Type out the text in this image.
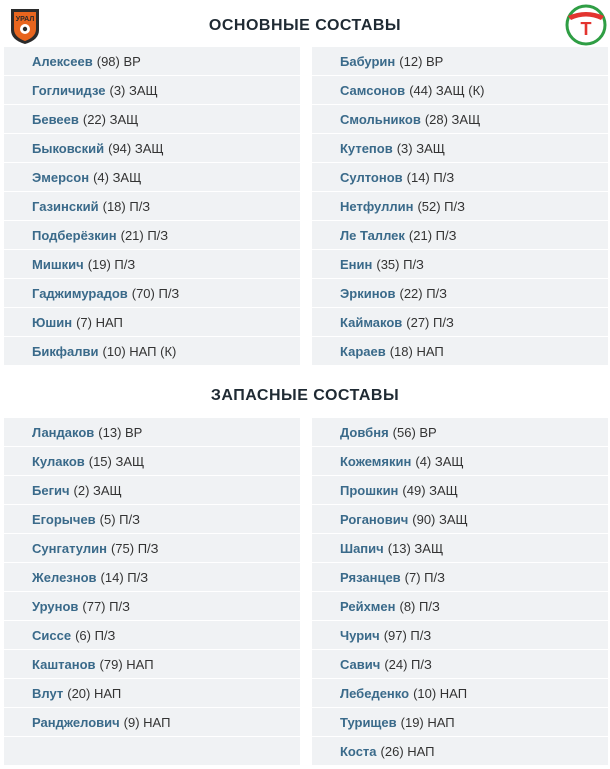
УРАЛ	ОСНОВНЫЕ СОСТАВЫ	Т
Алексеев (98) ВР
Гогличидзе (3) ЗАЩ
Бевеев (22) ЗАЩ
Быковский (94) ЗАЩ
Эмерсон (4) ЗАЩ
Газинский (18) П/З
Подберёзкин (21) П/З
Мишкич (19) П/З
Гаджимурадов (70) П/З
Юшин (7) НАП
Бикфалви (10) НАП (К)
Бабурин (12) ВР
Самсонов (44) ЗАЩ (К)
Смольников (28) ЗАЩ
Кутепов (3) ЗАЩ
Султонов (14) П/З
Нетфуллин (52) П/З
Ле Таллек (21) П/З
Енин (35) П/З
Эркинов (22) П/З
Каймаков (27) П/З
Караев (18) НАП
ЗАПАСНЫЕ СОСТАВЫ
Ландаков (13) ВР
Кулаков (15) ЗАЩ
Бегич (2) ЗАЩ
Егорычев (5) П/З
Сунгатулин (75) П/З
Железнов (14) П/З
Урунов (77) П/З
Сиссе (6) П/З
Каштанов (79) НАП
Влут (20) НАП
Ранджелович (9) НАП
Довбня (56) ВР
Кожемякин (4) ЗАЩ
Прошкин (49) ЗАЩ
Роганович (90) ЗАЩ
Шапич (13) ЗАЩ
Рязанцев (7) П/З
Рейхмен (8) П/З
Чурич (97) П/З
Савич (24) П/З
Лебеденко (10) НАП
Турищев (19) НАП
Коста (26) НАП
